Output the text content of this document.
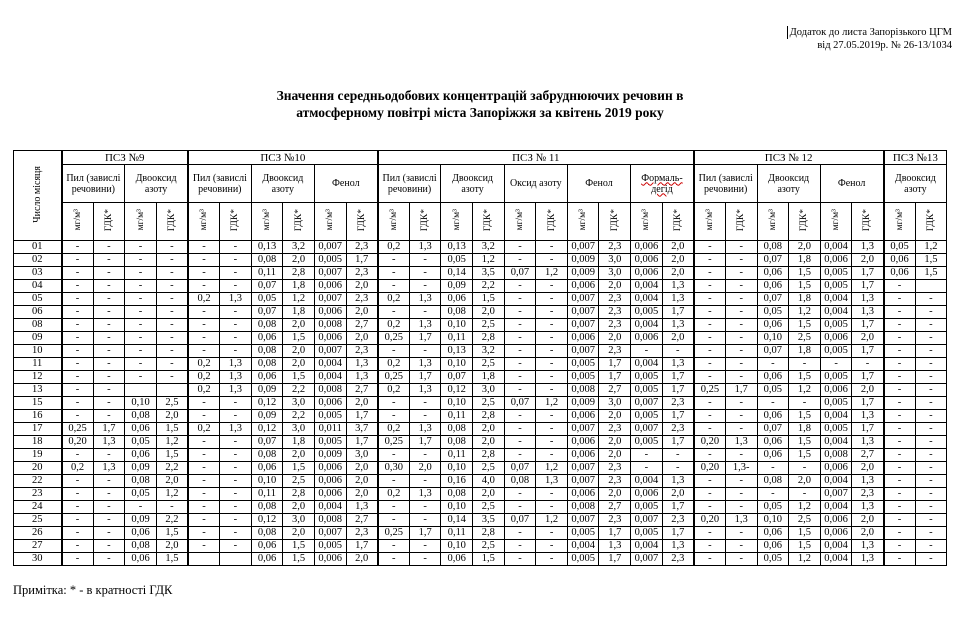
Додаток до листа Запорізького ЦГМ
від 27.05.2019р. № 26-13/1034
Значення середньодобових концентрацій забруднюючих речовин в
атмосферному повітрі міста Запоріжжя за квітень 2019 року
Число місяця	ПСЗ №9				ПСЗ №10						ПСЗ № 11										ПСЗ № 12						ПСЗ №13	
	Пил (завислі речовини)		Двооксид азоту		Пил (завислі речовини)		Двооксид азоту		Фенол		Пил (завислі речовини)		Двооксид азоту		Оксид азоту		Фенол		Формаль-дегід		Пил (завислі речовини)		Двооксид азоту		Фенол		Двооксид азоту	
	мг/м³	ГДК*	мг/м³	ГДК*	мг/м³	ГДК*	мг/м³	ГДК*	мг/м³	ГДК*	мг/м³	ГДК*	мг/м³	ГДК*	мг/м³	ГДК*	мг/м³	ГДК*	мг/м³	ГДК*	мг/м³	ГДК*	мг/м³	ГДК*	мг/м³	ГДК*	мг/м³	ГДК*
01	-	-	-	-	-	-	0,13	3,2	0,007	2,3	0,2	1,3	0,13	3,2	-	-	0,007	2,3	0,006	2,0	-	-	0,08	2,0	0,004	1,3	0,05	1,2
02	-	-	-	-	-	-	0,08	2,0	0,005	1,7	-	-	0,05	1,2	-	-	0,009	3,0	0,006	2,0	-	-	0,07	1,8	0,006	2,0	0,06	1,5
03	-	-	-	-	-	-	0,11	2,8	0,007	2,3	-	-	0,14	3,5	0,07	1,2	0,009	3,0	0,006	2,0	-	-	0,06	1,5	0,005	1,7	0,06	1,5
04	-	-	-	-	-	-	0,07	1,8	0,006	2,0	-	-	0,09	2,2	-	-	0,006	2,0	0,004	1,3	-	-	0,06	1,5	0,005	1,7	-	
05	-	-	-	-	0,2	1,3	0,05	1,2	0,007	2,3	0,2	1,3	0,06	1,5	-	-	0,007	2,3	0,004	1,3	-	-	0,07	1,8	0,004	1,3	-	-
06	-	-	-	-	-	-	0,07	1,8	0,006	2,0	-	-	0,08	2,0	-	-	0,007	2,3	0,005	1,7	-	-	0,05	1,2	0,004	1,3	-	-
08	-	-	-	-	-	-	0,08	2,0	0,008	2,7	0,2	1,3	0,10	2,5	-	-	0,007	2,3	0,004	1,3	-	-	0,06	1,5	0,005	1,7	-	-
09	-	-	-	-	-	-	0,06	1,5	0,006	2,0	0,25	1,7	0,11	2,8	-	-	0,006	2,0	0,006	2,0	-	-	0,10	2,5	0,006	2,0	-	-
10	-	-	-	-	-	-	0,08	2,0	0,007	2,3	-	-	0,13	3,2	-	-	0,007	2,3	-	-	-	-	0,07	1,8	0,005	1,7	-	-
11	-	-	-	-	0,2	1,3	0,08	2,0	0,004	1,3	0,2	1,3	0,10	2,5	-	-	0,005	1,7	0,004	1,3	-	-	-	-	-	-	-	-
12	-	-	-	-	0,2	1,3	0,06	1,5	0,004	1,3	0,25	1,7	0,07	1,8	-	-	0,005	1,7	0,005	1,7	-	-	0,06	1,5	0,005	1,7	-	-
13	-	-			0,2	1,3	0,09	2,2	0,008	2,7	0,2	1,3	0,12	3,0	-	-	0,008	2,7	0,005	1,7	0,25	1,7	0,05	1,2	0,006	2,0	-	-
15	-	-	0,10	2,5	-	-	0,12	3,0	0,006	2,0	-	-	0,10	2,5	0,07	1,2	0,009	3,0	0,007	2,3	-	-	-	-	0,005	1,7	-	-
16	-	-	0,08	2,0	-	-	0,09	2,2	0,005	1,7	-	-	0,11	2,8	-	-	0,006	2,0	0,005	1,7	-	-	0,06	1,5	0,004	1,3	-	-
17	0,25	1,7	0,06	1,5	0,2	1,3	0,12	3,0	0,011	3,7	0,2	1,3	0,08	2,0	-	-	0,007	2,3	0,007	2,3	-	-	0,07	1,8	0,005	1,7	-	-
18	0,20	1,3	0,05	1,2	-	-	0,07	1,8	0,005	1,7	0,25	1,7	0,08	2,0	-	-	0,006	2,0	0,005	1,7	0,20	1,3	0,06	1,5	0,004	1,3	-	-
19	-	-	0,06	1,5	-	-	0,08	2,0	0,009	3,0	-	-	0,11	2,8	-	-	0,006	2,0	-	-	-	-	0,06	1,5	0,008	2,7	-	-
20	0,2	1,3	0,09	2,2	-	-	0,06	1,5	0,006	2,0	0,30	2,0	0,10	2,5	0,07	1,2	0,007	2,3	-	-	0,20	1,3-	-	-	0,006	2,0	-	-
22	-	-	0,08	2,0	-	-	0,10	2,5	0,006	2,0	-	-	0,16	4,0	0,08	1,3	0,007	2,3	0,004	1,3	-	-	0,08	2,0	0,004	1,3	-	-
23	-	-	0,05	1,2	-	-	0,11	2,8	0,006	2,0	0,2	1,3	0,08	2,0	-	-	0,006	2,0	0,006	2,0	-	-	-	-	0,007	2,3	-	-
24	-	-	-	-	-	-	0,08	2,0	0,004	1,3	-	-	0,10	2,5	-	-	0,008	2,7	0,005	1,7	-	-	0,05	1,2	0,004	1,3	-	-
25	-	-	0,09	2,2	-	-	0,12	3,0	0,008	2,7	-	-	0,14	3,5	0,07	1,2	0,007	2,3	0,007	2,3	0,20	1,3	0,10	2,5	0,006	2,0	-	-
26	-	-	0,06	1,5	-	-	0,08	2,0	0,007	2,3	0,25	1,7	0,11	2,8	-	-	0,005	1,7	0,005	1,7	-	-	0,06	1,5	0,006	2,0	-	-
27	-	-	0,08	2,0	-	-	0,06	1,5	0,005	1,7	-	-	0,10	2,5	-	-	0,004	1,3	0,004	1,3	-	-	0,06	1,5	0,004	1,3	-	-
30	-	-	0,06	1,5			0,06	1,5	0,006	2,0	-	-	0,06	1,5	-	-	0,005	1,7	0,007	2,3	-	-	0,05	1,2	0,004	1,3	-	-
Примітка: * - в кратності ГДК
